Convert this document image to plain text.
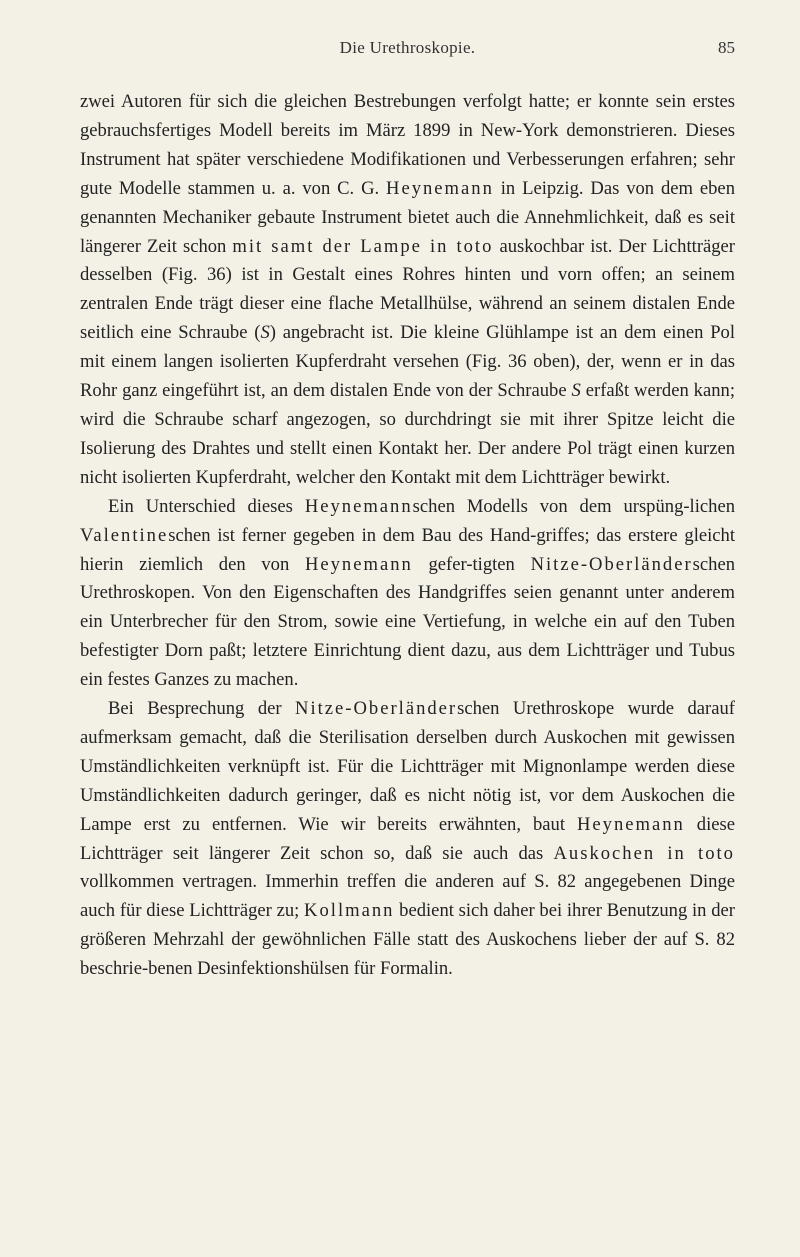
Die Urethroskopie.	85

zwei Autoren für sich die gleichen Bestrebungen verfolgt hatte; er konnte sein erstes gebrauchsfertiges Modell bereits im März 1899 in New-York demonstrieren. Dieses Instrument hat später verschiedene Modifikationen und Verbesserungen erfahren; sehr gute Modelle stammen u. a. von C. G. Heynemann in Leipzig. Das von dem eben genannten Mechaniker gebaute Instrument bietet auch die Annehmlichkeit, daß es seit längerer Zeit schon mit samt der Lampe in toto auskochbar ist. Der Lichtträger desselben (Fig. 36) ist in Gestalt eines Rohres hinten und vorn offen; an seinem zentralen Ende trägt dieser eine flache Metallhülse, während an seinem distalen Ende seitlich eine Schraube (S) angebracht ist. Die kleine Glühlampe ist an dem einen Pol mit einem langen isolierten Kupferdraht versehen (Fig. 36 oben), der, wenn er in das Rohr ganz eingeführt ist, an dem distalen Ende von der Schraube S erfaßt werden kann; wird die Schraube scharf angezogen, so durchdringt sie mit ihrer Spitze leicht die Isolierung des Drahtes und stellt einen Kontakt her. Der andere Pol trägt einen kurzen nicht isolierten Kupferdraht, welcher den Kontakt mit dem Lichtträger bewirkt.

Ein Unterschied dieses Heynemannschen Modells von dem urspüng-lichen Valentineschen ist ferner gegeben in dem Bau des Hand-griffes; das erstere gleicht hierin ziemlich den von Heynemann gefer-tigten Nitze-Oberländerschen Urethroskopen. Von den Eigenschaften des Handgriffes seien genannt unter anderem ein Unterbrecher für den Strom, sowie eine Vertiefung, in welche ein auf den Tuben befestigter Dorn paßt; letztere Einrichtung dient dazu, aus dem Lichtträger und Tubus ein festes Ganzes zu machen.

Bei Besprechung der Nitze-Oberländerschen Urethroskope wurde darauf aufmerksam gemacht, daß die Sterilisation derselben durch Auskochen mit gewissen Umständlichkeiten verknüpft ist. Für die Lichtträger mit Mignonlampe werden diese Umständlichkeiten dadurch geringer, daß es nicht nötig ist, vor dem Auskochen die Lampe erst zu entfernen. Wie wir bereits erwähnten, baut Heynemann diese Lichtträger seit längerer Zeit schon so, daß sie auch das Auskochen in toto vollkommen vertragen. Immerhin treffen die anderen auf S. 82 angegebenen Dinge auch für diese Lichtträger zu; Kollmann bedient sich daher bei ihrer Benutzung in der größeren Mehrzahl der gewöhnlichen Fälle statt des Auskochens lieber der auf S. 82 beschrie-benen Desinfektionshülsen für Formalin.
